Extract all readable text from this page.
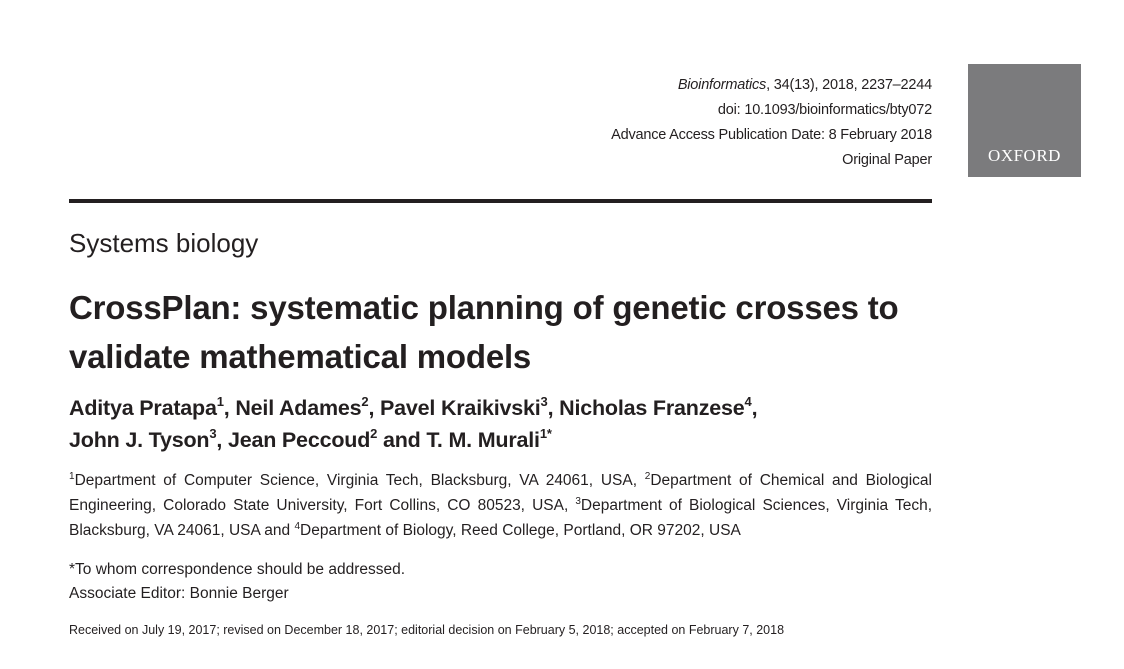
Bioinformatics, 34(13), 2018, 2237–2244
doi: 10.1093/bioinformatics/bty072
Advance Access Publication Date: 8 February 2018
Original Paper	OXFORD
Systems biology
CrossPlan: systematic planning of genetic crosses to validate mathematical models
Aditya Pratapa$^1$, Neil Adames$^2$, Pavel Kraikivski$^3$, Nicholas Franzese$^4$,
John J. Tyson$^3$, Jean Peccoud$^2$ and T. M. Murali$^{1*}$
$^1$Department of Computer Science, Virginia Tech, Blacksburg, VA 24061, USA, $^2$Department of Chemical and Biological Engineering, Colorado State University, Fort Collins, CO 80523, USA, $^3$Department of Biological Sciences, Virginia Tech, Blacksburg, VA 24061, USA and $^4$Department of Biology, Reed College, Portland, OR 97202, USA
*To whom correspondence should be addressed.
Associate Editor: Bonnie Berger
Received on July 19, 2017; revised on December 18, 2017; editorial decision on February 5, 2018; accepted on February 7, 2018
